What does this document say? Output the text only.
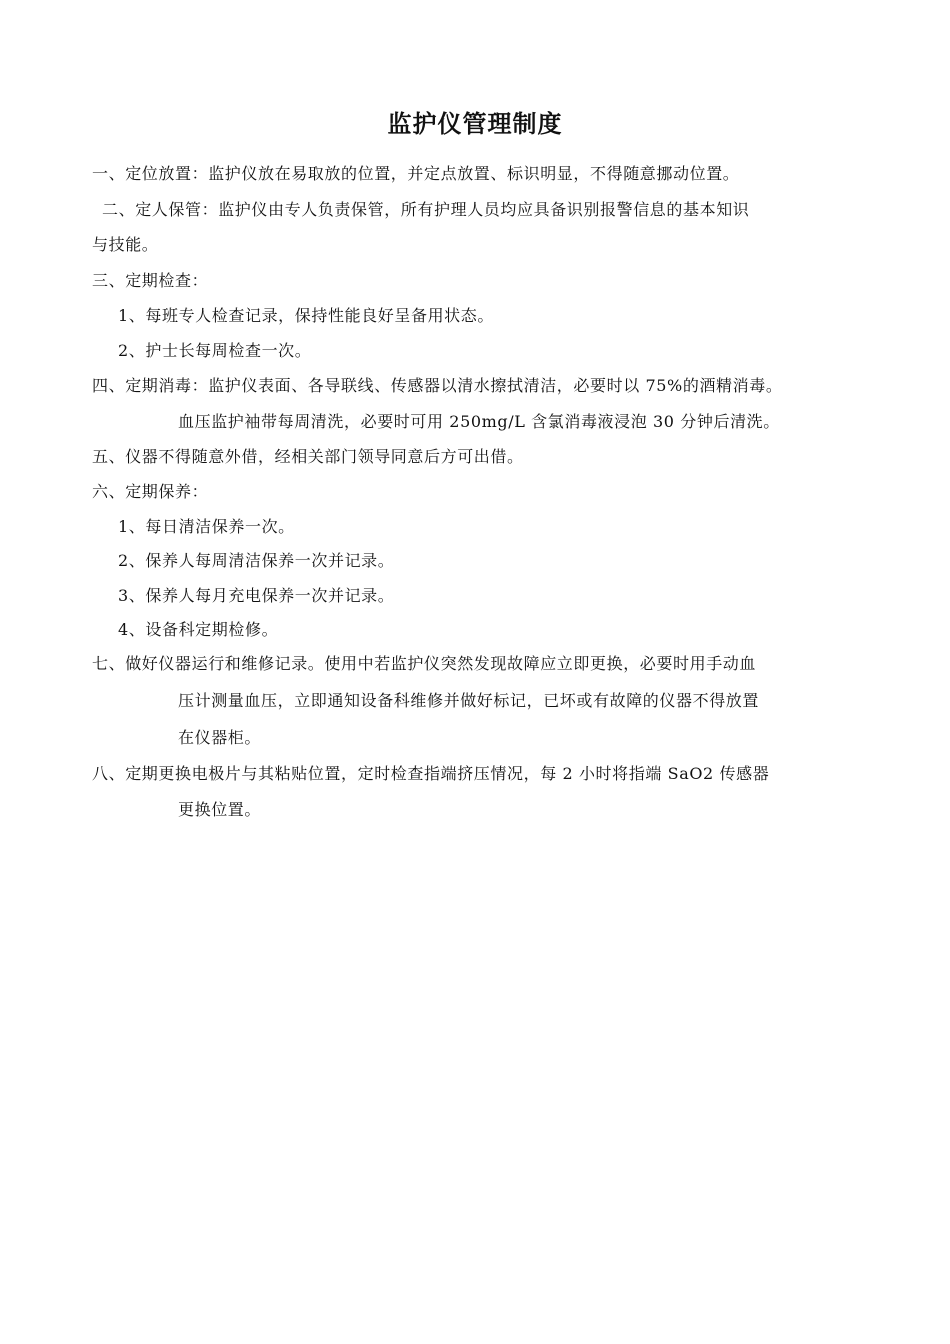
监护仪管理制度
一、定位放置：监护仪放在易取放的位置，并定点放置、标识明显，不得随意挪动位置。
二、定人保管：监护仪由专人负责保管，所有护理人员均应具备识别报警信息的基本知识
与技能。
三、定期检查：
1、每班专人检查记录，保持性能良好呈备用状态。
2、护士长每周检查一次。
四、定期消毒：监护仪表面、各导联线、传感器以清水擦拭清洁，必要时以 75%的酒精消毒。
血压监护袖带每周清洗，必要时可用 250mg/L 含氯消毒液浸泡 30 分钟后清洗。
五、仪器不得随意外借，经相关部门领导同意后方可出借。
六、定期保养：
1、每日清洁保养一次。
2、保养人每周清洁保养一次并记录。
3、保养人每月充电保养一次并记录。
4、设备科定期检修。
七、做好仪器运行和维修记录。使用中若监护仪突然发现故障应立即更换，必要时用手动血
压计测量血压，立即通知设备科维修并做好标记，已坏或有故障的仪器不得放置
在仪器柜。
八、定期更换电极片与其粘贴位置，定时检查指端挤压情况，每 2 小时将指端 SaO2 传感器
更换位置。
